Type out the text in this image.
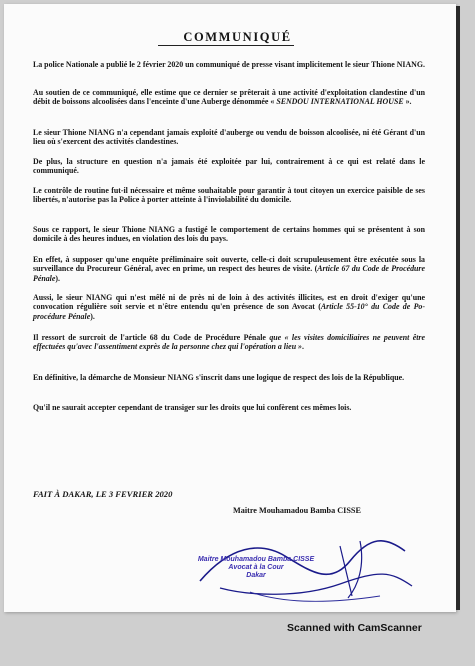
COMMUNIQUÉ

La police Nationale a publié le 2 février 2020 un communiqué de presse visant implicitement le sieur Thione NIANG.

Au soutien de ce communiqué, elle estime que ce dernier se prêterait à une activité d'exploitation clandestine d'un débit de boissons alcoolisées dans l'enceinte d'une Auberge dénommée « SENDOU INTERNATIONAL HOUSE ».

Le sieur Thione NIANG n'a cependant jamais exploité d'auberge ou vendu de boisson alcoolisée, ni été Gérant d'un lieu où s'exercent des activités clandestines.

De plus, la structure en question n'a jamais été exploitée par lui, contrairement à ce qui est relaté dans le communiqué.

Le contrôle de routine fut-il nécessaire et même souhaitable pour garantir à tout citoyen un exercice paisible de ses libertés, n'autorise pas la Police à porter atteinte à l'inviolabilité du domicile.

Sous ce rapport, le sieur Thione NIANG a fustigé le comportement de certains hommes qui se présentent à son domicile à des heures indues, en violation des lois du pays.

En effet, à supposer qu'une enquête préliminaire soit ouverte, celle-ci doit scrupuleusement être exécutée sous la surveillance du Procureur Général, avec en prime, un respect des heures de visite. (Article 67 du Code de Procédure Pénale).

Aussi, le sieur NIANG qui n'est mêlé ni de près ni de loin à des activités illicites, est en droit d'exiger qu'une convocation régulière soit servie et n'être entendu qu'en présence de son Avocat (Article 55-10° du Code de Po-procédure Pénale).

Il ressort de surcroit de l'article 68 du Code de Procédure Pénale que « les visites domiciliaires ne peuvent être effectuées qu'avec l'assentiment exprès de la personne chez qui l'opération a lieu ».

En définitive, la démarche de Monsieur NIANG s'inscrit dans une logique de respect des lois de la République.

Qu'il ne saurait accepter cependant de transiger sur les droits que lui confèrent ces mêmes lois.

FAIT À DAKAR, LE 3 FEVRIER 2020
Maitre Mouhamadou Bamba CISSE
Maitre Mouhamadou Bamba CISSE
Avocat à la Cour
Dakar
Scanned with CamScanner
